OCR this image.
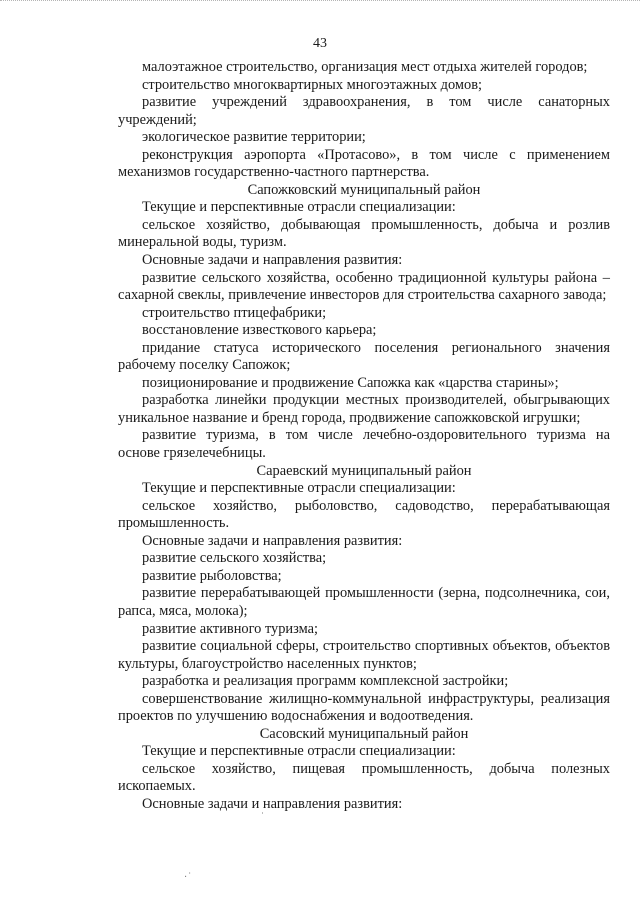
43

малоэтажное строительство, организация мест отдыха жителей городов;

строительство многоквартирных многоэтажных домов;

развитие учреждений здравоохранения, в том числе санаторных учреждений;

экологическое развитие территории;

реконструкция аэропорта «Протасово», в том числе с применением механизмов государственно-частного партнерства.

Сапожковский муниципальный район

Текущие и перспективные отрасли специализации:

сельское хозяйство, добывающая промышленность, добыча и розлив минеральной воды, туризм.

Основные задачи и направления развития:

развитие сельского хозяйства, особенно традиционной культуры района – сахарной свеклы, привлечение инвесторов для строительства сахарного завода;

строительство птицефабрики;

восстановление известкового карьера;

придание статуса исторического поселения регионального значения рабочему поселку Сапожок;

позиционирование и продвижение Сапожка как «царства старины»;

разработка линейки продукции местных производителей, обыгрывающих уникальное название и бренд города, продвижение сапожковской игрушки;

развитие туризма, в том числе лечебно-оздоровительного туризма на основе грязелечебницы.

Сараевский муниципальный район

Текущие и перспективные отрасли специализации:

сельское хозяйство, рыболовство, садоводство, перерабатывающая промышленность.

Основные задачи и направления развития:

развитие сельского хозяйства;

развитие рыболовства;

развитие перерабатывающей промышленности (зерна, подсолнечника, сои, рапса, мяса, молока);

развитие активного туризма;

развитие социальной сферы, строительство спортивных объектов, объектов культуры, благоустройство населенных пунктов;

разработка и реализация программ комплексной застройки;

совершенствование жилищно-коммунальной инфраструктуры, реализация проектов по улучшению водоснабжения и водоотведения.

Сасовский муниципальный район

Текущие и перспективные отрасли специализации:

сельское хозяйство, пищевая промышленность, добыча полезных ископаемых.

Основные задачи и направления развития:

˙
·˙
